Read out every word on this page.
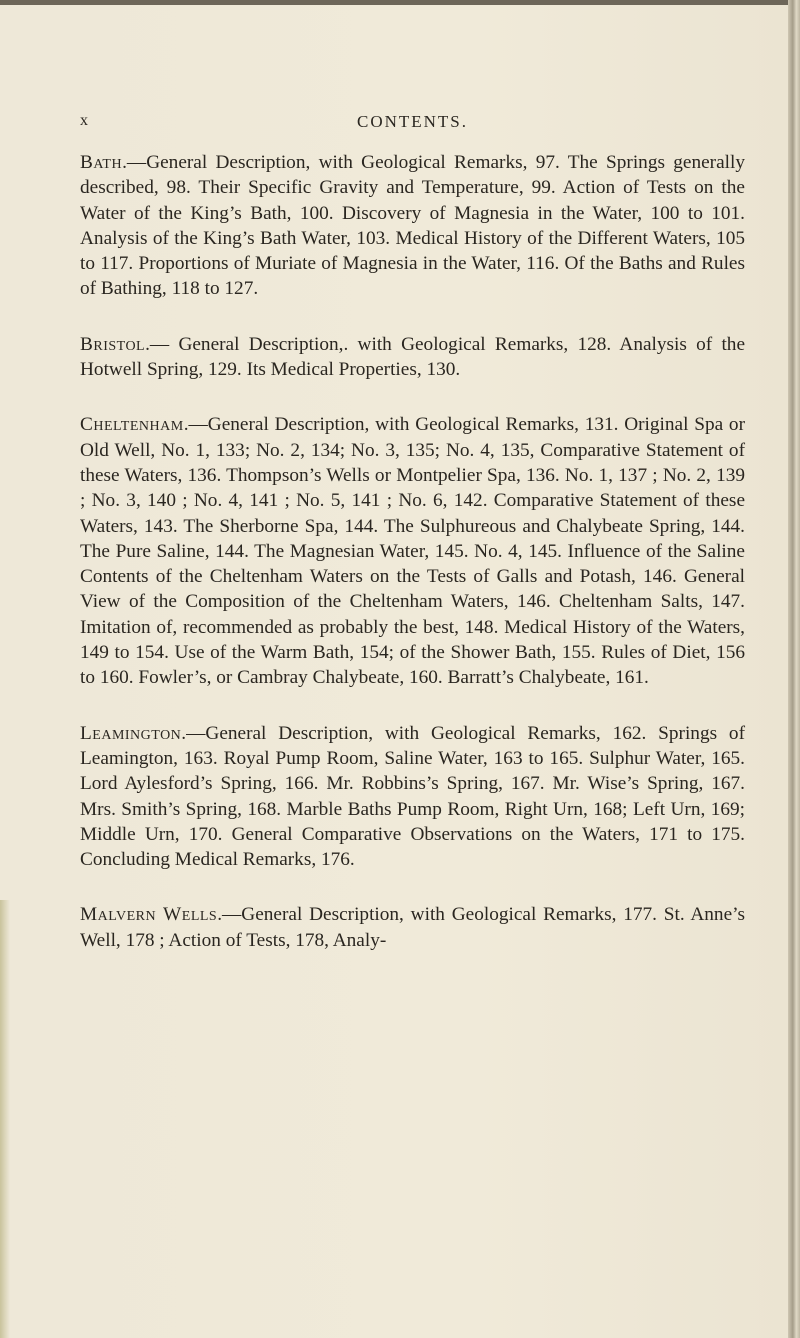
x	CONTENTS.

Bath.—General Description, with Geological Remarks, 97. The Springs generally described, 98. Their Specific Gravity and Temperature, 99. Action of Tests on the Water of the King’s Bath, 100. Discovery of Magnesia in the Water, 100 to 101. Analysis of the King’s Bath Water, 103. Medical History of the Different Waters, 105 to 117. Proportions of Muriate of Magnesia in the Water, 116. Of the Baths and Rules of Bathing, 118 to 127.

Bristol.— General Description,. with Geological Remarks, 128. Analysis of the Hotwell Spring, 129. Its Medical Properties, 130.

Cheltenham.—General Description, with Geological Remarks, 131. Original Spa or Old Well, No. 1, 133; No. 2, 134; No. 3, 135; No. 4, 135, Comparative Statement of these Waters, 136. Thompson’s Wells or Montpelier Spa, 136. No. 1, 137 ; No. 2, 139 ; No. 3, 140 ; No. 4, 141 ; No. 5, 141 ; No. 6, 142. Comparative Statement of these Waters, 143. The Sherborne Spa, 144. The Sulphureous and Chalybeate Spring, 144. The Pure Saline, 144. The Magnesian Water, 145. No. 4, 145. Influence of the Saline Contents of the Cheltenham Waters on the Tests of Galls and Potash, 146. General View of the Composition of the Cheltenham Waters, 146. Cheltenham Salts, 147. Imitation of, recommended as probably the best, 148. Medical History of the Waters, 149 to 154. Use of the Warm Bath, 154; of the Shower Bath, 155. Rules of Diet, 156 to 160. Fowler’s, or Cambray Chalybeate, 160. Barratt’s Chalybeate, 161.

Leamington.—General Description, with Geological Remarks, 162. Springs of Leamington, 163. Royal Pump Room, Saline Water, 163 to 165. Sulphur Water, 165. Lord Aylesford’s Spring, 166. Mr. Robbins’s Spring, 167. Mr. Wise’s Spring, 167. Mrs. Smith’s Spring, 168. Marble Baths Pump Room, Right Urn, 168; Left Urn, 169; Middle Urn, 170. General Comparative Observations on the Waters, 171 to 175. Concluding Medical Remarks, 176.

Malvern Wells.—General Description, with Geological Remarks, 177. St. Anne’s Well, 178 ; Action of Tests, 178, Analy-
